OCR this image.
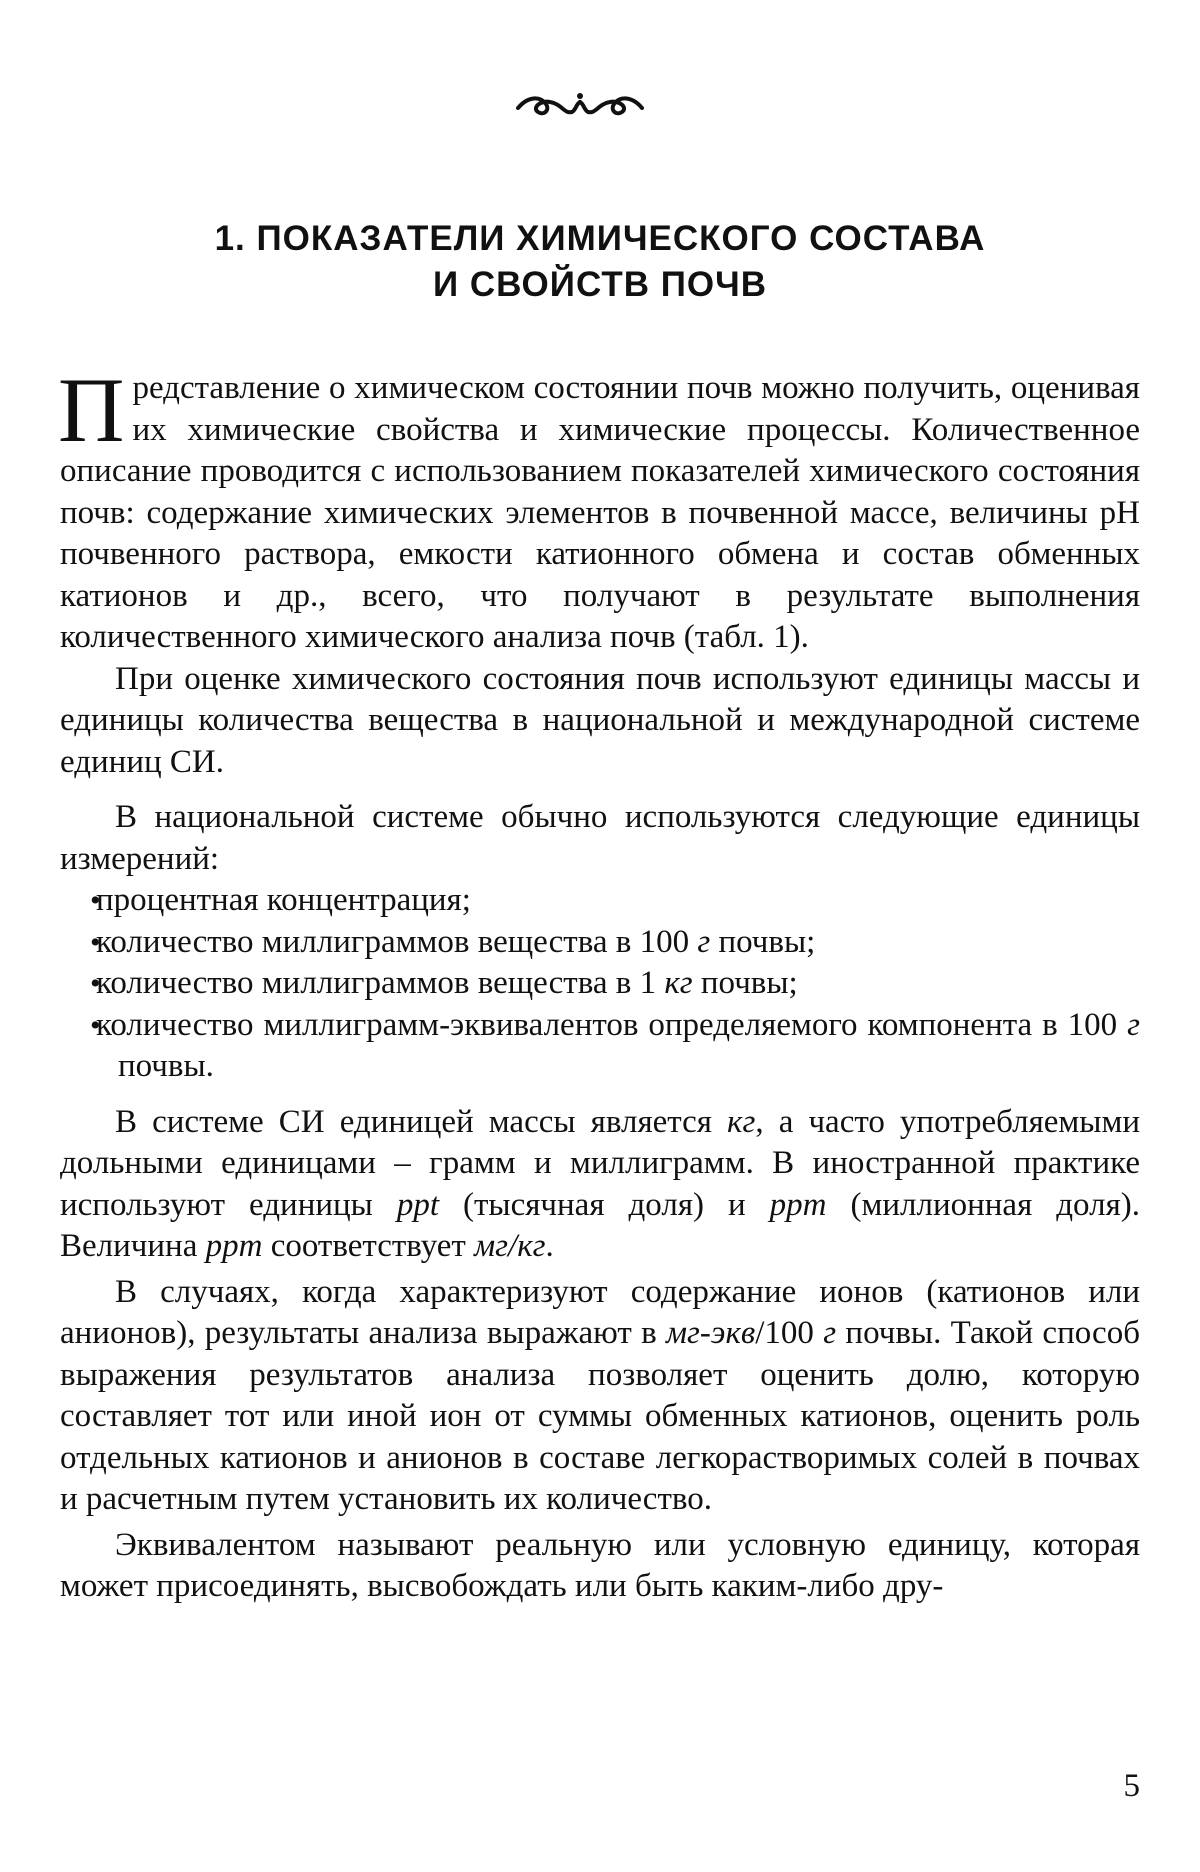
1. ПОКАЗАТЕЛИ ХИМИЧЕСКОГО СОСТАВА
И СВОЙСТВ ПОЧВ

Представление о химическом состоянии почв можно получить, оценивая их химические свойства и химические процессы. Количественное описание проводится с использованием показателей химического состояния почв: содержание химических элементов в почвенной массе, величины pH почвенного раствора, емкости катионного обмена и состав обменных катионов и др., всего, что получают в результате выполнения количественного химического анализа почв (табл. 1).

При оценке химического состояния почв используют единицы массы и единицы количества вещества в национальной и международной системе единиц СИ.

В национальной системе обычно используются следующие единицы измерений:

• процентная концентрация;
• количество миллиграммов вещества в 100 г почвы;
• количество миллиграммов вещества в 1 кг почвы;
• количество миллиграмм-эквивалентов определяемого компонента в 100 г почвы.

В системе СИ единицей массы является кг, а часто употребляемыми дольными единицами – грамм и миллиграмм. В иностранной практике используют единицы ppt (тысячная доля) и ppm (миллионная доля). Величина ppm соответствует мг/кг.

В случаях, когда характеризуют содержание ионов (катионов или анионов), результаты анализа выражают в мг-экв/100 г почвы. Такой способ выражения результатов анализа позволяет оценить долю, которую составляет тот или иной ион от суммы обменных катионов, оценить роль отдельных катионов и анионов в составе легкорастворимых солей в почвах и расчетным путем установить их количество.

Эквивалентом называют реальную или условную единицу, которая может присоединять, высвобождать или быть каким-либо дру-

5
